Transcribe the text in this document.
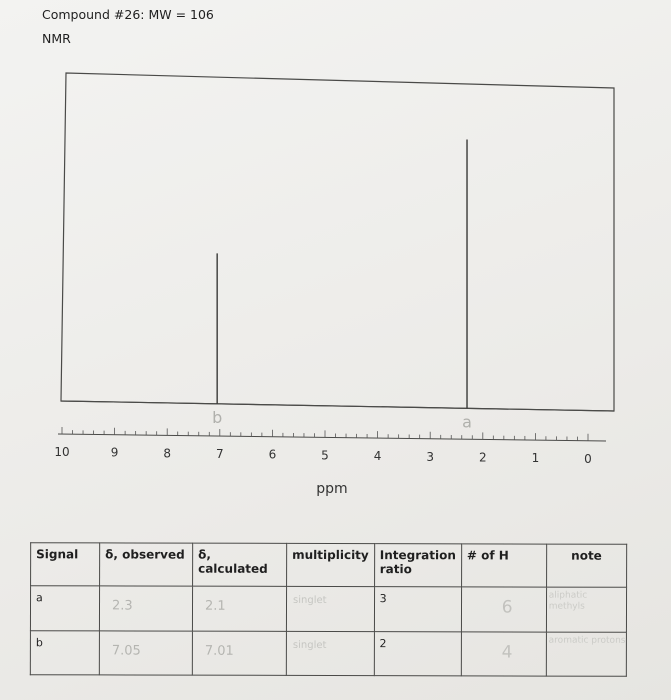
Compound #26: MW = 106
NMR
10	9	8	7	6	5	4	3	2	1	0
b	a
ppm
Signal	δ, observed	δ, calculated	multiplicity	Integration ratio	# of H	note
a	2.3	2.1	singlet	3	6	aliphatic methyls

b	7.05	7.01	singlet	2	4	aromatic protons
